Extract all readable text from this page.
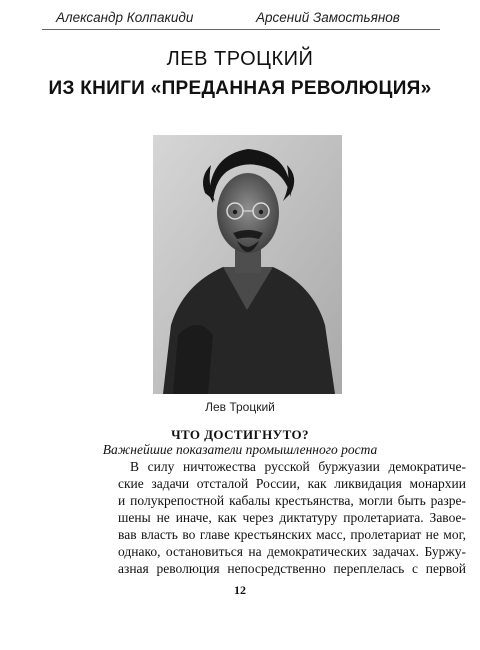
Александр Колпакиди	Арсений Замостьянов
ЛЕВ ТРОЦКИЙ
ИЗ КНИГИ «ПРЕДАННАЯ РЕВОЛЮЦИЯ»
Лев Троцкий
ЧТО ДОСТИГНУТО?
Важнейшие показатели промышленного роста
В силу ничтожества русской буржуазии демократиче-
ские задачи отсталой России, как ликвидация монархии
и полукрепостной кабалы крестьянства, могли быть разре-
шены не иначе, как через диктатуру пролетариата. Завое-
вав власть во главе крестьянских масс, пролетариат не мог,
однако, остановиться на демократических задачах. Буржу-
азная революция непосредственно переплелась с первой
12
